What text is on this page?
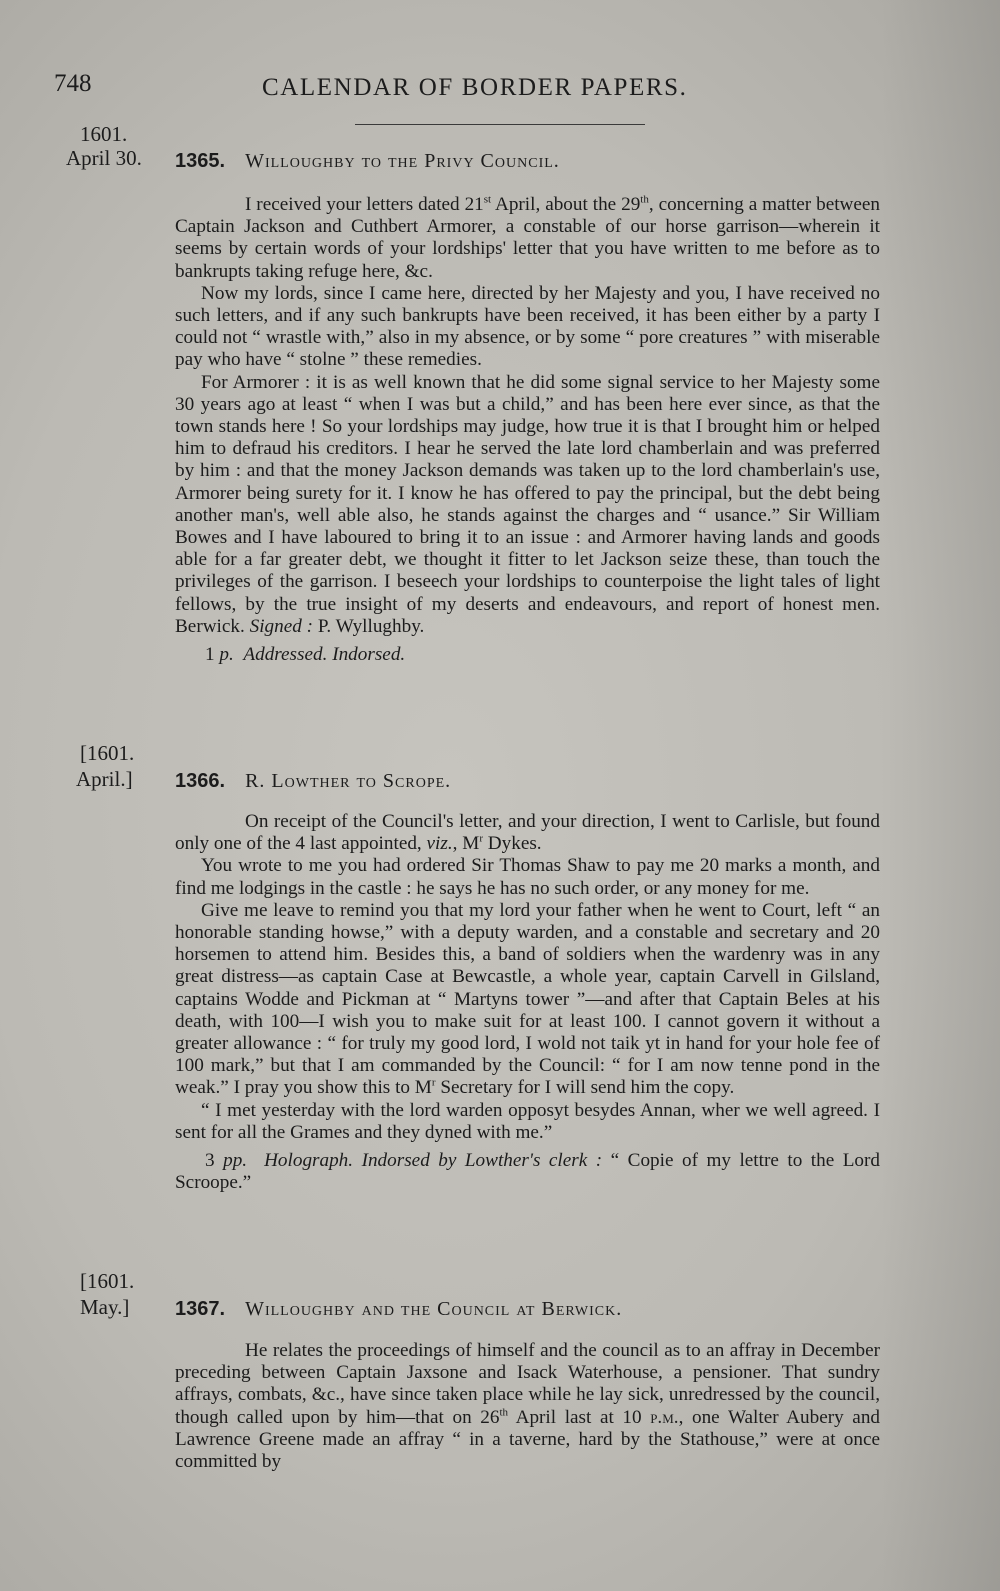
748	CALENDAR OF BORDER PAPERS.
1601.
April 30. 1365. Willoughby to the Privy Council.

I received your letters dated 21st April, about the 29th, concerning a matter between Captain Jackson and Cuthbert Armorer, a constable of our horse garrison—wherein it seems by certain words of your lordships' letter that you have written to me before as to bankrupts taking refuge here, &c.

Now my lords, since I came here, directed by her Majesty and you, I have received no such letters, and if any such bankrupts have been received, it has been either by a party I could not “ wrastle with,” also in my absence, or by some “ pore creatures ” with miserable pay who have “ stolne ” these remedies.

For Armorer : it is as well known that he did some signal service to her Majesty some 30 years ago at least “ when I was but a child,” and has been here ever since, as that the town stands here ! So your lordships may judge, how true it is that I brought him or helped him to defraud his creditors. I hear he served the late lord chamberlain and was preferred by him : and that the money Jackson demands was taken up to the lord chamberlain's use, Armorer being surety for it. I know he has offered to pay the principal, but the debt being another man's, well able also, he stands against the charges and “ usance.” Sir William Bowes and I have laboured to bring it to an issue : and Armorer having lands and goods able for a far greater debt, we thought it fitter to let Jackson seize these, than touch the privileges of the garrison. I beseech your lordships to counterpoise the light tales of light fellows, by the true insight of my deserts and endeavours, and report of honest men. Berwick. Signed : P. Wyllughby.

1 p. Addressed. Indorsed.

[1601.
April.] 1366. R. Lowther to Scrope.

On receipt of the Council's letter, and your direction, I went to Carlisle, but found only one of the 4 last appointed, viz., $M^r$ Dykes.

You wrote to me you had ordered Sir Thomas Shaw to pay me 20 marks a month, and find me lodgings in the castle : he says he has no such order, or any money for me.

Give me leave to remind you that my lord your father when he went to Court, left “ an honorable standing howse,” with a deputy warden, and a constable and secretary and 20 horsemen to attend him. Besides this, a band of soldiers when the wardenry was in any great distress—as captain Case at Bewcastle, a whole year, captain Carvell in Gilsland, captains Wodde and Pickman at “ Martyns tower ”—and after that Captain Beles at his death, with 100—I wish you to make suit for at least 100. I cannot govern it without a greater allowance : “ for truly my good lord, I wold not taik yt in hand for your hole fee of 100 mark,” but that I am commanded by the Council: “ for I am now tenne pond in the weak.” I pray you show this to $M^r$ Secretary for I will send him the copy.

“ I met yesterday with the lord warden opposyt besydes Annan, wher we well agreed. I sent for all the Grames and they dyned with me.”

3 pp. Holograph. Indorsed by Lowther's clerk : “ Copie of my lettre to the Lord Scroope.”

[1601.
May.] 1367. Willoughby and the Council at Berwick.

He relates the proceedings of himself and the council as to an affray in December preceding between Captain Jaxsone and Isack Waterhouse, a pensioner. That sundry affrays, combats, &c., have since taken place while he lay sick, unredressed by the council, though called upon by him—that on 26th April last at 10 p.m., one Walter Aubery and Lawrence Greene made an affray “ in a taverne, hard by the Stathouse,” were at once committed by
